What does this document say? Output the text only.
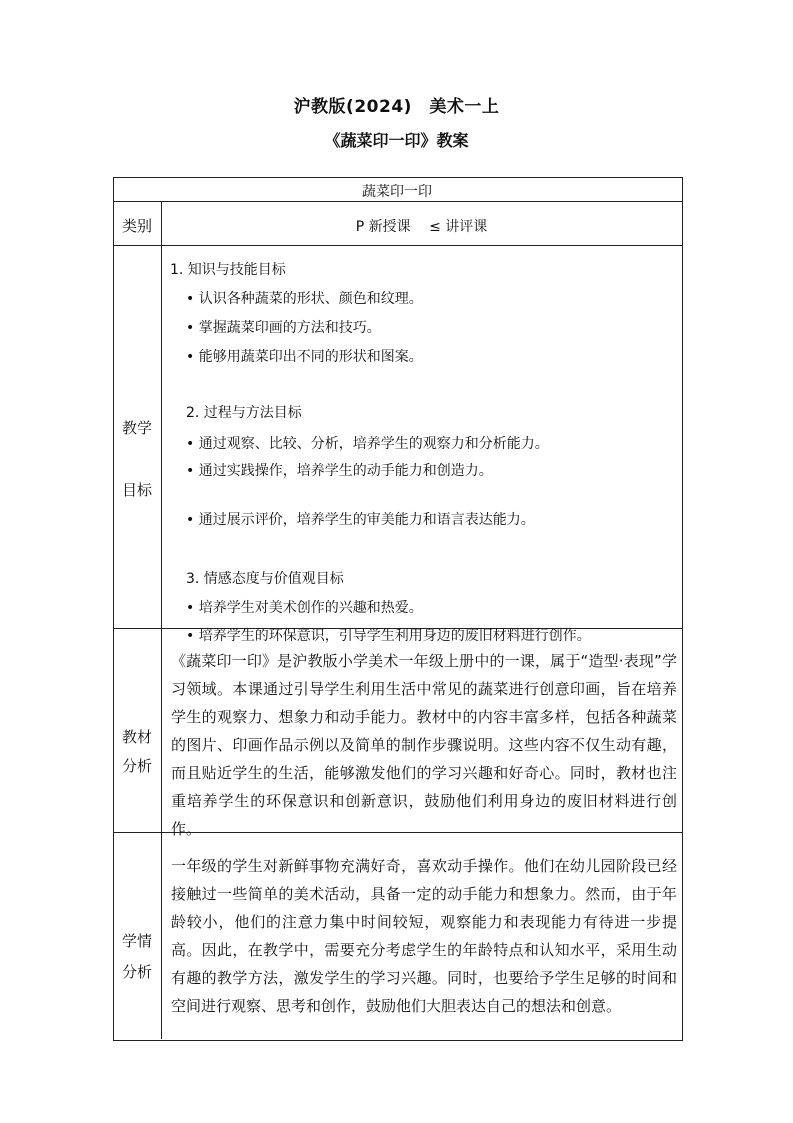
沪教版(2024)　美术一上
《蔬菜印一印》教案
蔬菜印一印
类别	P 新授课　 ≤ 讲评课
教学
目标
1. 知识与技能目标
• 认识各种蔬菜的形状、颜色和纹理。
• 掌握蔬菜印画的方法和技巧。
• 能够用蔬菜印出不同的形状和图案。
2. 过程与方法目标
• 通过观察、比较、分析，培养学生的观察力和分析能力。
• 通过实践操作，培养学生的动手能力和创造力。
• 通过展示评价，培养学生的审美能力和语言表达能力。
3. 情感态度与价值观目标
• 培养学生对美术创作的兴趣和热爱。
• 培养学生的环保意识，引导学生利用身边的废旧材料进行创作。
教材
分析

《蔬菜印一印》是沪教版小学美术一年级上册中的一课，属于“造型·表现”学习领域。本课通过引导学生利用生活中常见的蔬菜进行创意印画，旨在培养学生的观察力、想象力和动手能力。教材中的内容丰富多样，包括各种蔬菜的图片、印画作品示例以及简单的制作步骤说明。这些内容不仅生动有趣，而且贴近学生的生活，能够激发他们的学习兴趣和好奇心。同时，教材也注重培养学生的环保意识和创新意识，鼓励他们利用身边的废旧材料进行创作。

学情
分析

一年级的学生对新鲜事物充满好奇，喜欢动手操作。他们在幼儿园阶段已经接触过一些简单的美术活动，具备一定的动手能力和想象力。然而，由于年龄较小，他们的注意力集中时间较短，观察能力和表现能力有待进一步提高。因此，在教学中，需要充分考虑学生的年龄特点和认知水平，采用生动有趣的教学方法，激发学生的学习兴趣。同时，也要给予学生足够的时间和空间进行观察、思考和创作，鼓励他们大胆表达自己的想法和创意。
